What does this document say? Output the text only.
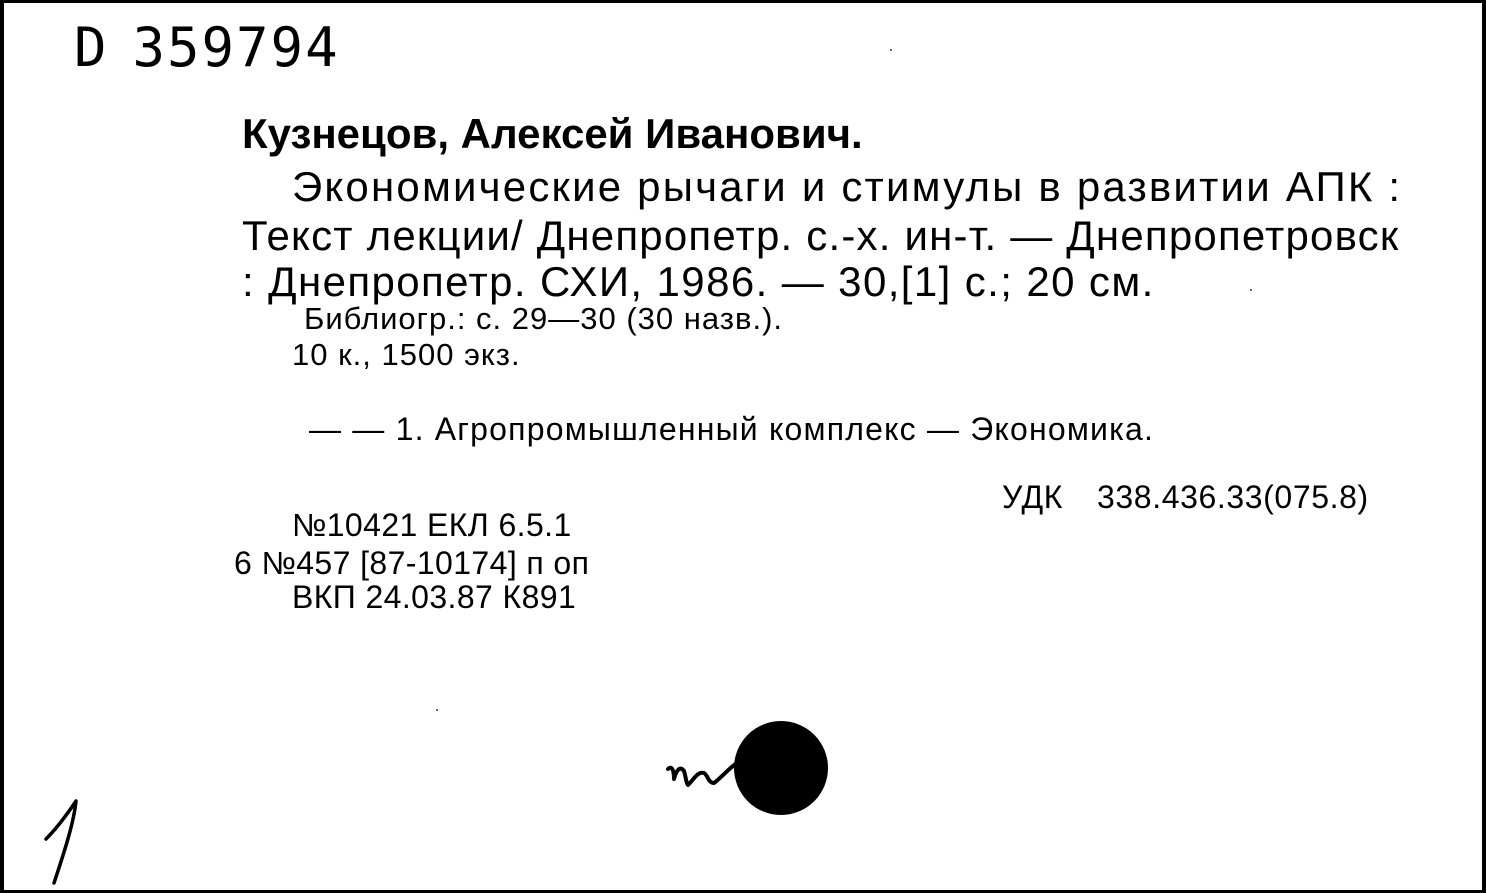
D 359794
Кузнецов, Алексей Иванович.
Экономические рычаги и стимулы в развитии АПК :
Текст лекции/ Днепропетр. с.-х. ин-т. — Днепропетровск
: Днепропетр. СХИ, 1986. — 30,[1] с.; 20 см.
Библиогр.: с. 29—30 (30 назв.).
10 к., 1500 экз.
— — 1. Агропромышленный комплекс — Экономика.
УДК 338.436.33(075.8)
№10421 ЕКЛ 6.5.1
6 №457 [87-10174] п оп
ВКП 24.03.87 К891
